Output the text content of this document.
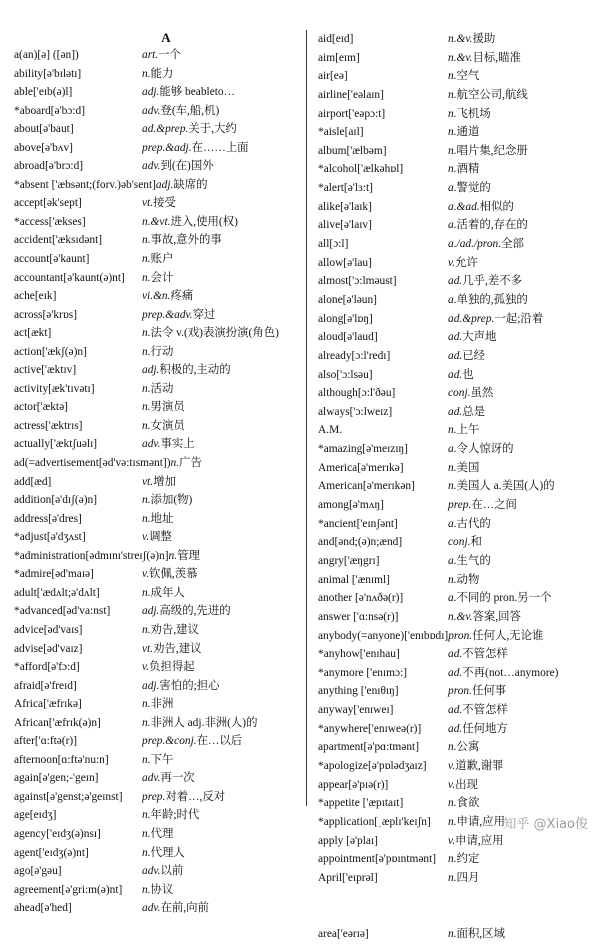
A
a(an)[ə] ([ən])	art.一个
ability[ə'bɪlətɪ]	n.能力
able['eɪb(ə)l]	adj.能够 beableto…
*aboard[ə'bɔ:d]	adv.登(车,船,机)
about[ə'baut]	ad.&prep.关于,大约
above[ə'bʌv]	prep.&adj.在……上面
abroad[ə'brɔ:d]	adv.到(在)国外
*absent ['æbsənt;(forv.)əb'sent] adj.缺席的
accept[ək'sept]	vt.接受
*access['ækses]	n.&vt.进入,使用(权)
accident['æksɪdənt]	n.事故,意外的事
account[ə'kaunt]	n.账户
accountant[ə'kaunt(ə)nt]	n.会计
ache[eɪk]	vi.&n.疼痛
across[ə'krɒs]	prep.&adv.穿过
act[ækt]	n.法令 v.(戏)表演扮演(角色)
action['ækʃ(ə)n]	n.行动
active['æktɪv]	adj.积极的,主动的
activity[æk'tɪvətɪ]	n.活动
actor['æktə]	n.男演员
actress['æktrɪs]	n.女演员
actually['æktʃuəlɪ]	adv.事实上
ad(=advertisement[əd'və:tɪsmənt]) n.广告
add[æd]	vt.增加
addition[ə'dɪʃ(ə)n]	n.添加(物)
address[ə'dres]	n.地址
*adjust[ə'dʒʌst]	v.调整
*administration[ədmɪnɪ'streɪʃ(ə)n] n.管理
*admire[əd'maɪə]	v.钦佩,羡慕
adult['ædʌlt;ə'dʌlt]	n.成年人
*advanced[əd'va:nst]	adj.高级的,先进的
advice[əd'vaɪs]	n.劝告,建议
advise[əd'vaɪz]	vt.劝告,建议
*afford[ə'fɔ:d]	v.负担得起
afraid[ə'freɪd]	adj.害怕的;担心
Africa['æfrɪkə]	n.非洲
African['æfrɪk(ə)n]	n.非洲人 adj.非洲(人)的
after['ɑ:ftə(r)]	prep.&conj.在…以后
afternoon[ɑ:ftə'nu:n]	n.下午
again[ə'gen;-'geɪn]	adv.再一次
against[ə'genst;ə'geɪnst]	prep.对着…,反对
age[eɪdʒ]	n.年龄;时代
agency['eɪdʒ(ə)nsɪ]	n.代理
agent['eɪdʒ(ə)nt]	n.代理人
ago[ə'gəu]	adv.以前
agreement[ə'gri:m(ə)nt]	n.协议
ahead[ə'hed]	adv.在前,向前
aid[eɪd]	n.&v.援助
aim[eɪm]	n.&v.目标,瞄准
air[eə]	n.空气
airline['eəlaɪn]	n.航空公司,航线
airport['eəpɔ:t]	n.飞机场
*aisle[aɪl]	n.通道
album['ælbəm]	n.唱片集,纪念册
*alcohol['ælkəhɒl]	n.酒精
*alert[ə'lɜ:t]	a.警觉的
alike[ə'laɪk]	a.&ad.相似的
alive[ə'laɪv]	a.活着的,存在的
all[ɔ:l]	a./ad./pron.全部
allow[ə'lau]	v.允许
almost['ɔ:lməust]	ad.几乎,差不多
alone[ə'ləun]	a.单独的,孤独的
along[ə'lɒŋ]	ad.&prep.一起;沿着
aloud[ə'laud]	ad.大声地
already[ɔ:l'redɪ]	ad.已经
also['ɔ:lsəu]	ad.也
although[ɔ:l'ðəu]	conj.虽然
always['ɔ:lweɪz]	ad.总是
A.M.	n.上午
*amazing[ə'meɪzɪŋ]	a.令人惊讶的
America[ə'merɪkə]	n.美国
American[ə'merɪkən]	n.美国人 a.美国(人)的
among[ə'mʌŋ]	prep.在…之间
*ancient['eɪnʃənt]	a.古代的
and[ənd;(ə)n;ænd]	conj.和
angry['æŋgrɪ]	a.生气的
animal ['ænɪml]	n.动物
another [ə'nʌðə(r)]	a.不同的 pron.另一个
answer ['ɑ:nsə(r)]	n.&v.答案,回答
anybody(=anyone)['enɪbɒdɪ] pron.任何人,无论谁
*anyhow['enɪhau]	ad.不管怎样
*anymore ['enɪmɔ:]	ad.不再(not…anymore)
anything ['enɪθɪŋ]	pron.任何事
anyway['enɪweɪ]	ad.不管怎样
*anywhere['enɪweə(r)]	ad.任何地方
apartment[ə'pɑ:tmənt]	n.公寓
*apologize[ə'pɒlədʒaɪz]	v.道歉,谢罪
appear[ə'pɪə(r)]	v.出现
*appetite ['æpɪtaɪt]	n.食欲
*application[ˌæplɪ'keɪʃn]	n.申请,应用
apply [ə'plaɪ]	v.申请,应用
appointment[ə'pɒɪntmənt]	n.约定
April['eɪprəl]	n.四月
area['eərɪə]	n.面积,区域
知乎 @Xiao俊
